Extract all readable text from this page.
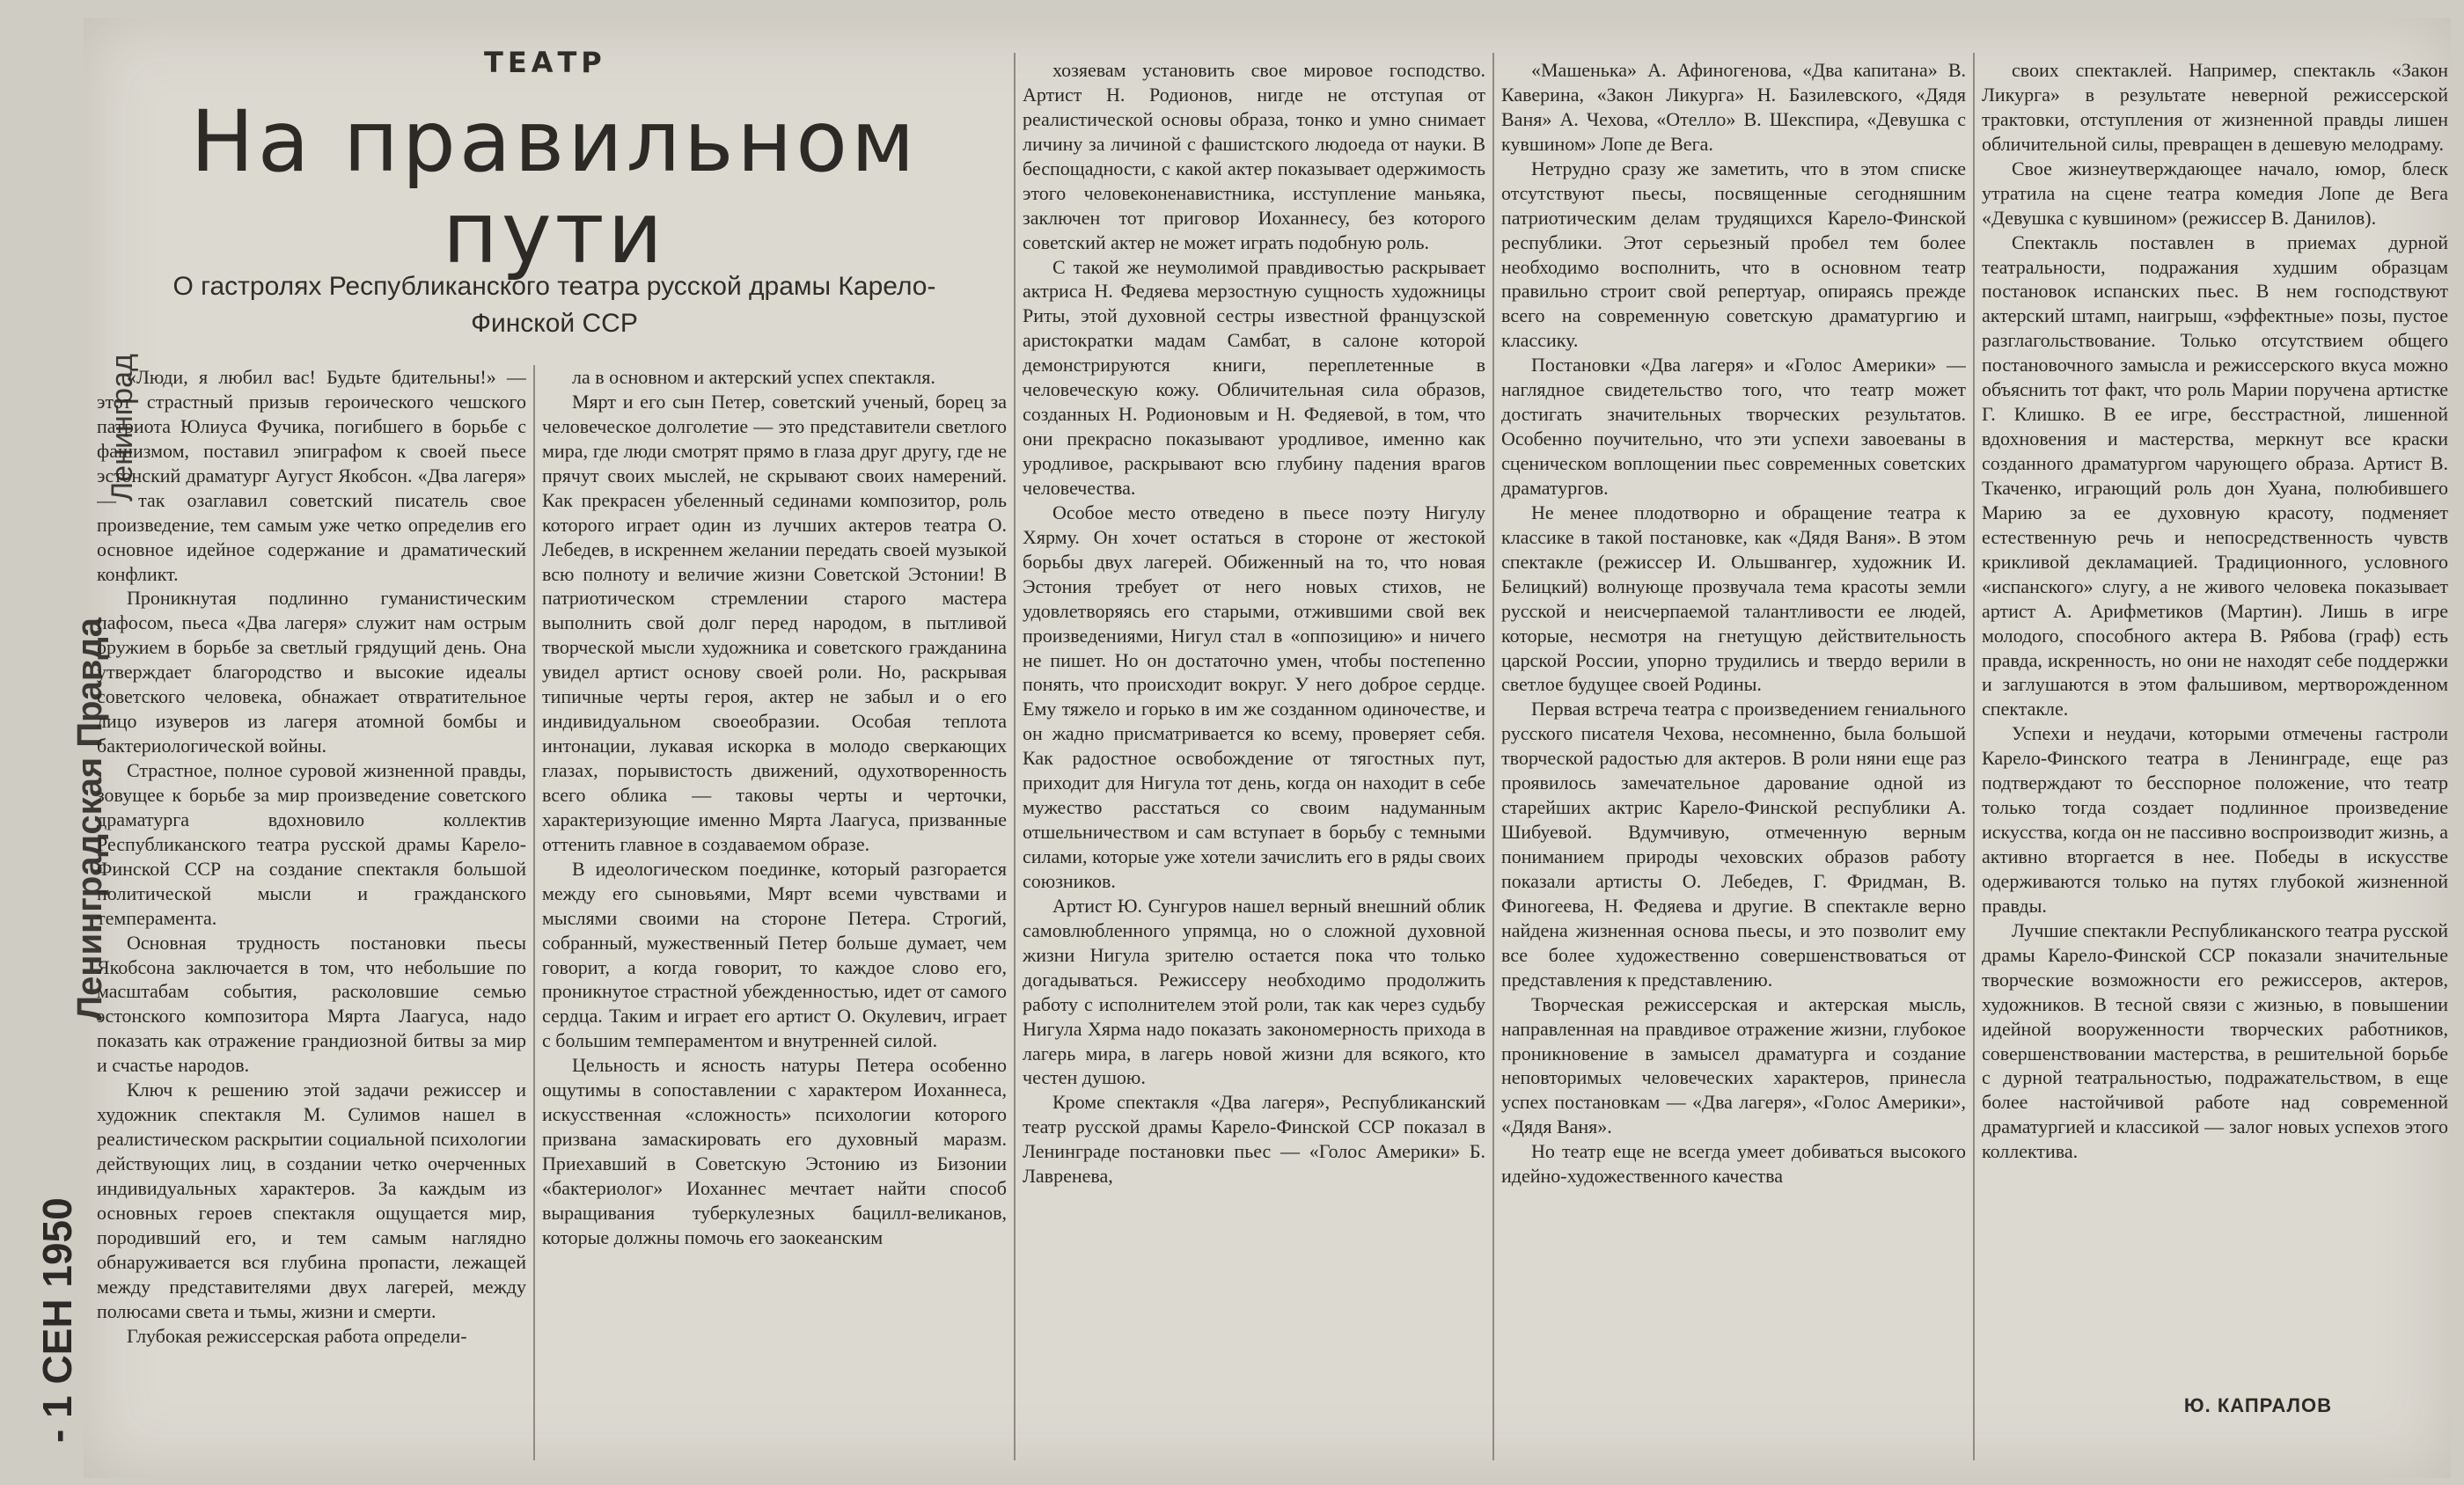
Ленинградская Правда
Ленинград
- 1 СЕН 1950
ТЕАТР
На правильном пути
О гастролях Республиканского театра русской драмы Карело-Финской ССР

«Люди, я любил вас! Будьте бдительны!» — этот страстный призыв героического чешского патриота Юлиуса Фучика, погибшего в борьбе с фашизмом, поставил эпиграфом к своей пьесе эстонский драматург Аугуст Якобсон. «Два лагеря» — так озаглавил советский писатель свое произведение, тем самым уже четко определив его основное идейное содержание и драматический конфликт.

Проникнутая подлинно гуманистическим пафосом, пьеса «Два лагеря» служит нам острым оружием в борьбе за светлый грядущий день. Она утверждает благородство и высокие идеалы советского человека, обнажает отвратительное лицо изуверов из лагеря атомной бомбы и бактериологической войны.

Страстное, полное суровой жизненной правды, зовущее к борьбе за мир произведение советского драматурга вдохновило коллектив Республиканского театра русской драмы Карело-Финской ССР на создание спектакля большой политической мысли и гражданского темперамента.

Основная трудность постановки пьесы Якобсона заключается в том, что небольшие по масштабам события, расколовшие семью эстонского композитора Мярта Лаагуса, надо показать как отражение грандиозной битвы за мир и счастье народов.

Ключ к решению этой задачи режиссер и художник спектакля М. Сулимов нашел в реалистическом раскрытии социальной психологии действующих лиц, в создании четко очерченных индивидуальных характеров. За каждым из основных героев спектакля ощущается мир, породивший его, и тем самым наглядно обнаруживается вся глубина пропасти, лежащей между представителями двух лагерей, между полюсами света и тьмы, жизни и смерти.

Глубокая режиссерская работа определи-

ла в основном и актерский успех спектакля.

Мярт и его сын Петер, советский ученый, борец за человеческое долголетие — это представители светлого мира, где люди смотрят прямо в глаза друг другу, где не прячут своих мыслей, не скрывают своих намерений. Как прекрасен убеленный сединами композитор, роль которого играет один из лучших актеров театра О. Лебедев, в искреннем желании передать своей музыкой всю полноту и величие жизни Советской Эстонии! В патриотическом стремлении старого мастера выполнить свой долг перед народом, в пытливой творческой мысли художника и советского гражданина увидел артист основу своей роли. Но, раскрывая типичные черты героя, актер не забыл и о его индивидуальном своеобразии. Особая теплота интонации, лукавая искорка в молодо сверкающих глазах, порывистость движений, одухотворенность всего облика — таковы черты и черточки, характеризующие именно Мярта Лаагуса, призванные оттенить главное в создаваемом образе.

В идеологическом поединке, который разгорается между его сыновьями, Мярт всеми чувствами и мыслями своими на стороне Петера. Строгий, собранный, мужественный Петер больше думает, чем говорит, а когда говорит, то каждое слово его, проникнутое страстной убежденностью, идет от самого сердца. Таким и играет его артист О. Окулевич, играет с большим темпераментом и внутренней силой.

Цельность и ясность натуры Петера особенно ощутимы в сопоставлении с характером Иоханнеса, искусственная «сложность» психологии которого призвана замаскировать его духовный маразм. Приехавший в Советскую Эстонию из Бизонии «бактериолог» Иоханнес мечтает найти способ выращивания туберкулезных бацилл-великанов, которые должны помочь его заокеанским

хозяевам установить свое мировое господство. Артист Н. Родионов, нигде не отступая от реалистической основы образа, тонко и умно снимает личину за личиной с фашистского людоеда от науки. В беспощадности, с какой актер показывает одержимость этого человеконенавистника, исступление маньяка, заключен тот приговор Иоханнесу, без которого советский актер не может играть подобную роль.

С такой же неумолимой правдивостью раскрывает актриса Н. Федяева мерзостную сущность художницы Риты, этой духовной сестры известной французской аристократки мадам Самбат, в салоне которой демонстрируются книги, переплетенные в человеческую кожу. Обличительная сила образов, созданных Н. Родионовым и Н. Федяевой, в том, что они прекрасно показывают уродливое, именно как уродливое, раскрывают всю глубину падения врагов человечества.

Особое место отведено в пьесе поэту Нигулу Хярму. Он хочет остаться в стороне от жестокой борьбы двух лагерей. Обиженный на то, что новая Эстония требует от него новых стихов, не удовлетворяясь его старыми, отжившими свой век произведениями, Нигул стал в «оппозицию» и ничего не пишет. Но он достаточно умен, чтобы постепенно понять, что происходит вокруг. У него доброе сердце. Ему тяжело и горько в им же созданном одиночестве, и он жадно присматривается ко всему, проверяет себя. Как радостное освобождение от тягостных пут, приходит для Нигула тот день, когда он находит в себе мужество расстаться со своим надуманным отшельничеством и сам вступает в борьбу с темными силами, которые уже хотели зачислить его в ряды своих союзников.

Артист Ю. Сунгуров нашел верный внешний облик самовлюбленного упрямца, но о сложной духовной жизни Нигула зрителю остается пока что только догадываться. Режиссеру необходимо продолжить работу с исполнителем этой роли, так как через судьбу Нигула Хярма надо показать закономерность прихода в лагерь мира, в лагерь новой жизни для всякого, кто честен душою.

Кроме спектакля «Два лагеря», Республиканский театр русской драмы Карело-Финской ССР показал в Ленинграде постановки пьес — «Голос Америки» Б. Лавренева,

«Машенька» А. Афиногенова, «Два капитана» В. Каверина, «Закон Ликурга» Н. Базилевского, «Дядя Ваня» А. Чехова, «Отелло» В. Шекспира, «Девушка с кувшином» Лопе де Вега.

Нетрудно сразу же заметить, что в этом списке отсутствуют пьесы, посвященные сегодняшним патриотическим делам трудящихся Карело-Финской республики. Этот серьезный пробел тем более необходимо восполнить, что в основном театр правильно строит свой репертуар, опираясь прежде всего на современную советскую драматургию и классику.

Постановки «Два лагеря» и «Голос Америки» — наглядное свидетельство того, что театр может достигать значительных творческих результатов. Особенно поучительно, что эти успехи завоеваны в сценическом воплощении пьес современных советских драматургов.

Не менее плодотворно и обращение театра к классике в такой постановке, как «Дядя Ваня». В этом спектакле (режиссер И. Ольшвангер, художник И. Белицкий) волнующе прозвучала тема красоты земли русской и неисчерпаемой талантливости ее людей, которые, несмотря на гнетущую действительность царской России, упорно трудились и твердо верили в светлое будущее своей Родины.

Первая встреча театра с произведением гениального русского писателя Чехова, несомненно, была большой творческой радостью для актеров. В роли няни еще раз проявилось замечательное дарование одной из старейших актрис Карело-Финской республики А. Шибуевой. Вдумчивую, отмеченную верным пониманием природы чеховских образов работу показали артисты О. Лебедев, Г. Фридман, В. Финогеева, Н. Федяева и другие. В спектакле верно найдена жизненная основа пьесы, и это позволит ему все более художественно совершенствоваться от представления к представлению.

Творческая режиссерская и актерская мысль, направленная на правдивое отражение жизни, глубокое проникновение в замысел драматурга и создание неповторимых человеческих характеров, принесла успех постановкам — «Два лагеря», «Голос Америки», «Дядя Ваня».

Но театр еще не всегда умеет добиваться высокого идейно-художественного качества

своих спектаклей. Например, спектакль «Закон Ликурга» в результате неверной режиссерской трактовки, отступления от жизненной правды лишен обличительной силы, превращен в дешевую мелодраму.

Свое жизнеутверждающее начало, юмор, блеск утратила на сцене театра комедия Лопе де Вега «Девушка с кувшином» (режиссер В. Данилов).

Спектакль поставлен в приемах дурной театральности, подражания худшим образцам постановок испанских пьес. В нем господствуют актерский штамп, наигрыш, «эффектные» позы, пустое разглагольствование. Только отсутствием общего постановочного замысла и режиссерского вкуса можно объяснить тот факт, что роль Марии поручена артистке Г. Клишко. В ее игре, бесстрастной, лишенной вдохновения и мастерства, меркнут все краски созданного драматургом чарующего образа. Артист В. Ткаченко, играющий роль дон Хуана, полюбившего Марию за ее духовную красоту, подменяет естественную речь и непосредственность чувств крикливой декламацией. Традиционного, условного «испанского» слугу, а не живого человека показывает артист А. Арифметиков (Мартин). Лишь в игре молодого, способного актера В. Рябова (граф) есть правда, искренность, но они не находят себе поддержки и заглушаются в этом фальшивом, мертворожденном спектакле.

Успехи и неудачи, которыми отмечены гастроли Карело-Финского театра в Ленинграде, еще раз подтверждают то бесспорное положение, что театр только тогда создает подлинное произведение искусства, когда он не пассивно воспроизводит жизнь, а активно вторгается в нее. Победы в искусстве одерживаются только на путях глубокой жизненной правды.

Лучшие спектакли Республиканского театра русской драмы Карело-Финской ССР показали значительные творческие возможности его режиссеров, актеров, художников. В тесной связи с жизнью, в повышении идейной вооруженности творческих работников, совершенствовании мастерства, в решительной борьбе с дурной театральностью, подражательством, в еще более настойчивой работе над современной драматургией и классикой — залог новых успехов этого коллектива.

Ю. КАПРАЛОВ
